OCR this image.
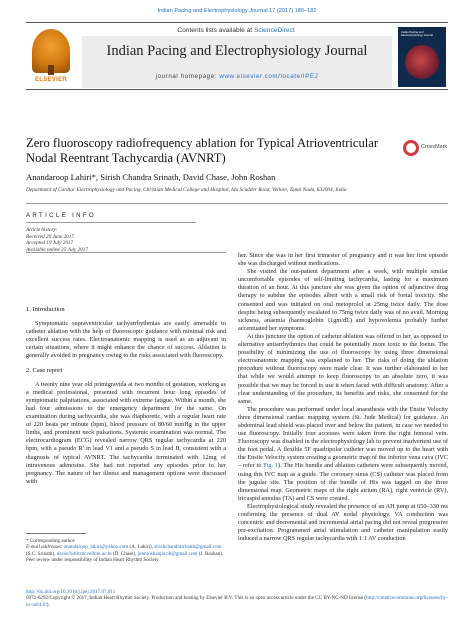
Indian Pacing and Electrophysiology Journal 17 (2017) 180–182
ELSEVIER
Contents lists available at ScienceDirect
Indian Pacing and Electrophysiology Journal
journal homepage: www.elsevier.com/locate/IPEJ
Indian Pacing and Electrophysiology Journal
Zero fluoroscopy radiofrequency ablation for Typical Atrioventricular Nodal Reentrant Tachycardia (AVNRT)
CrossMark
Anandaroop Lahiri*, Sirish Chandra Srinath, David Chase, John Roshan
Department of Cardiac Electrophysiology and Pacing, Christian Medical College and Hospital, Ida Scudder Road, Vellore, Tamil Nadu, 632004, India
ARTICLE INFO
Article history:
Received 29 June 2017
Accepted 19 July 2017
Available online 25 July 2017
1. Introduction

Symptomatic supraventricular tachyarrhythmias are easily amenable to catheter ablation with the help of fluoroscopic guidance with minimal risk and excellent success rates. Electroanatomic mapping is used as an adjuvant in certain situations, where it might enhance the chance of success. Ablation is generally avoided in pregnancy owing to the risks associated with fluoroscopy.

2. Case report

A twenty nine year old primigravida at two months of gestation, working as a medical professional, presented with recurrent hour long episodes of symptomatic palpitations, associated with extreme fatigue. Within a month, she had four admissions to the emergency department for the same. On examination during tachycardia, she was diaphoretic, with a regular heart rate of 220 beats per minute (bpm), blood pressure of 80/60 mmHg in the upper limbs, and prominent neck pulsations. Systemic examination was normal. The electrocardiogram (ECG) revealed narrow QRS regular tachycardia at 220 bpm, with a pseudo R’ in lead V1 and a pseudo S in lead II, consistent with a diagnosis of typical AVNRT. The tachycardia terminated with 12mg of intravenous adenosine. She had not reported any episodes prior to her pregnancy. The nature of her illness and management options were discussed with

her. Since she was in her first trimester of pregnancy and it was her first episode she was discharged without medications.

She visited the out-patient department after a week, with multiple similar uncomfortable episodes of self-limiting tachycardia, lasting for a maximum duration of an hour. At this juncture she was given the option of adjunctive drug therapy to subdue the episodes albeit with a small risk of foetal toxicity. She consented and was initiated on oral metoprolol at 25mg twice daily. The dose despite being subsequently escalated to 75mg twice daily was of no avail. Morning sickness, anaemia (haemoglobin 11gm/dL) and hypovolemia probably further accentuated her symptoms.

At this juncture the option of catheter ablation was offered to her, as opposed to alternative antiarrhythmics that could be potentially more toxic to the foetus. The possibility of minimizing the use of fluoroscopy by using three dimensional electroanatomic mapping was explained to her. The risks of doing the ablation procedure without fluoroscopy were made clear. It was further elaborated to her that while we would attempt to keep fluoroscopy to an absolute zero, it was possible that we may be forced to use it when faced with difficult anatomy. After a clear understanding of the procedure, its benefits and risks, she consented for the same.

The procedure was performed under local anaesthesia with the Ensite Velocity three dimensional cardiac mapping system (St. Jude Medical) for guidance. An abdominal lead shield was placed over and below the patient, in case we needed to use fluoroscopy. Initially four accesses were taken from the right femoral vein. Fluoroscopy was disabled in the electrophysiology lab to prevent inadvertent use of the foot pedal. A flexible 5F quadripolar catheter was moved up to the heart with the Ensite Velocity system creating a geometric map of the inferior vena cava (IVC – refer to Fig. 1). The His bundle and ablation catheters were subsequently moved, using this IVC map as a guide. The coronary sinus (CS) catheter was placed from the jugular site. The position of the bundle of His was tagged on the three dimensional map. Geometric maps of the right atrium (RA), right ventricle (RV), tricuspid annulus (TA) and CS were created.

Electrophysiological study revealed the presence of an AH jump at 650–330 ms confirming the presence of dual AV nodal physiology. VA conduction was concentric and decremental and incremental atrial pacing did not reveal progressive pre-excitation. Programmed atrial stimulation and catheter manipulation easily induced a narrow QRS regular tachycardia with 1:1 AV conduction

* Corresponding author.
E-mail addresses: anandaroop_lahiri@yahoo.com (A. Lahiri), sirishchandrasrinath@gmail.com (S.C. Srinath), davso%40cmcvellore.ac.in (D. Chase), johnroshanjacob@gmail.com (J. Roshan).
Peer review under responsibility of Indian Heart Rhythm Society.
http://dx.doi.org/10.1016/j.ipej.2017.07.011
0972-6292/Copyright © 2017, Indian Heart Rhythm Society. Production and hosting by Elsevier B.V. This is an open access article under the CC BY-NC-ND license (http://creativecommons.org/licenses/by-nc-nd/4.0/).
